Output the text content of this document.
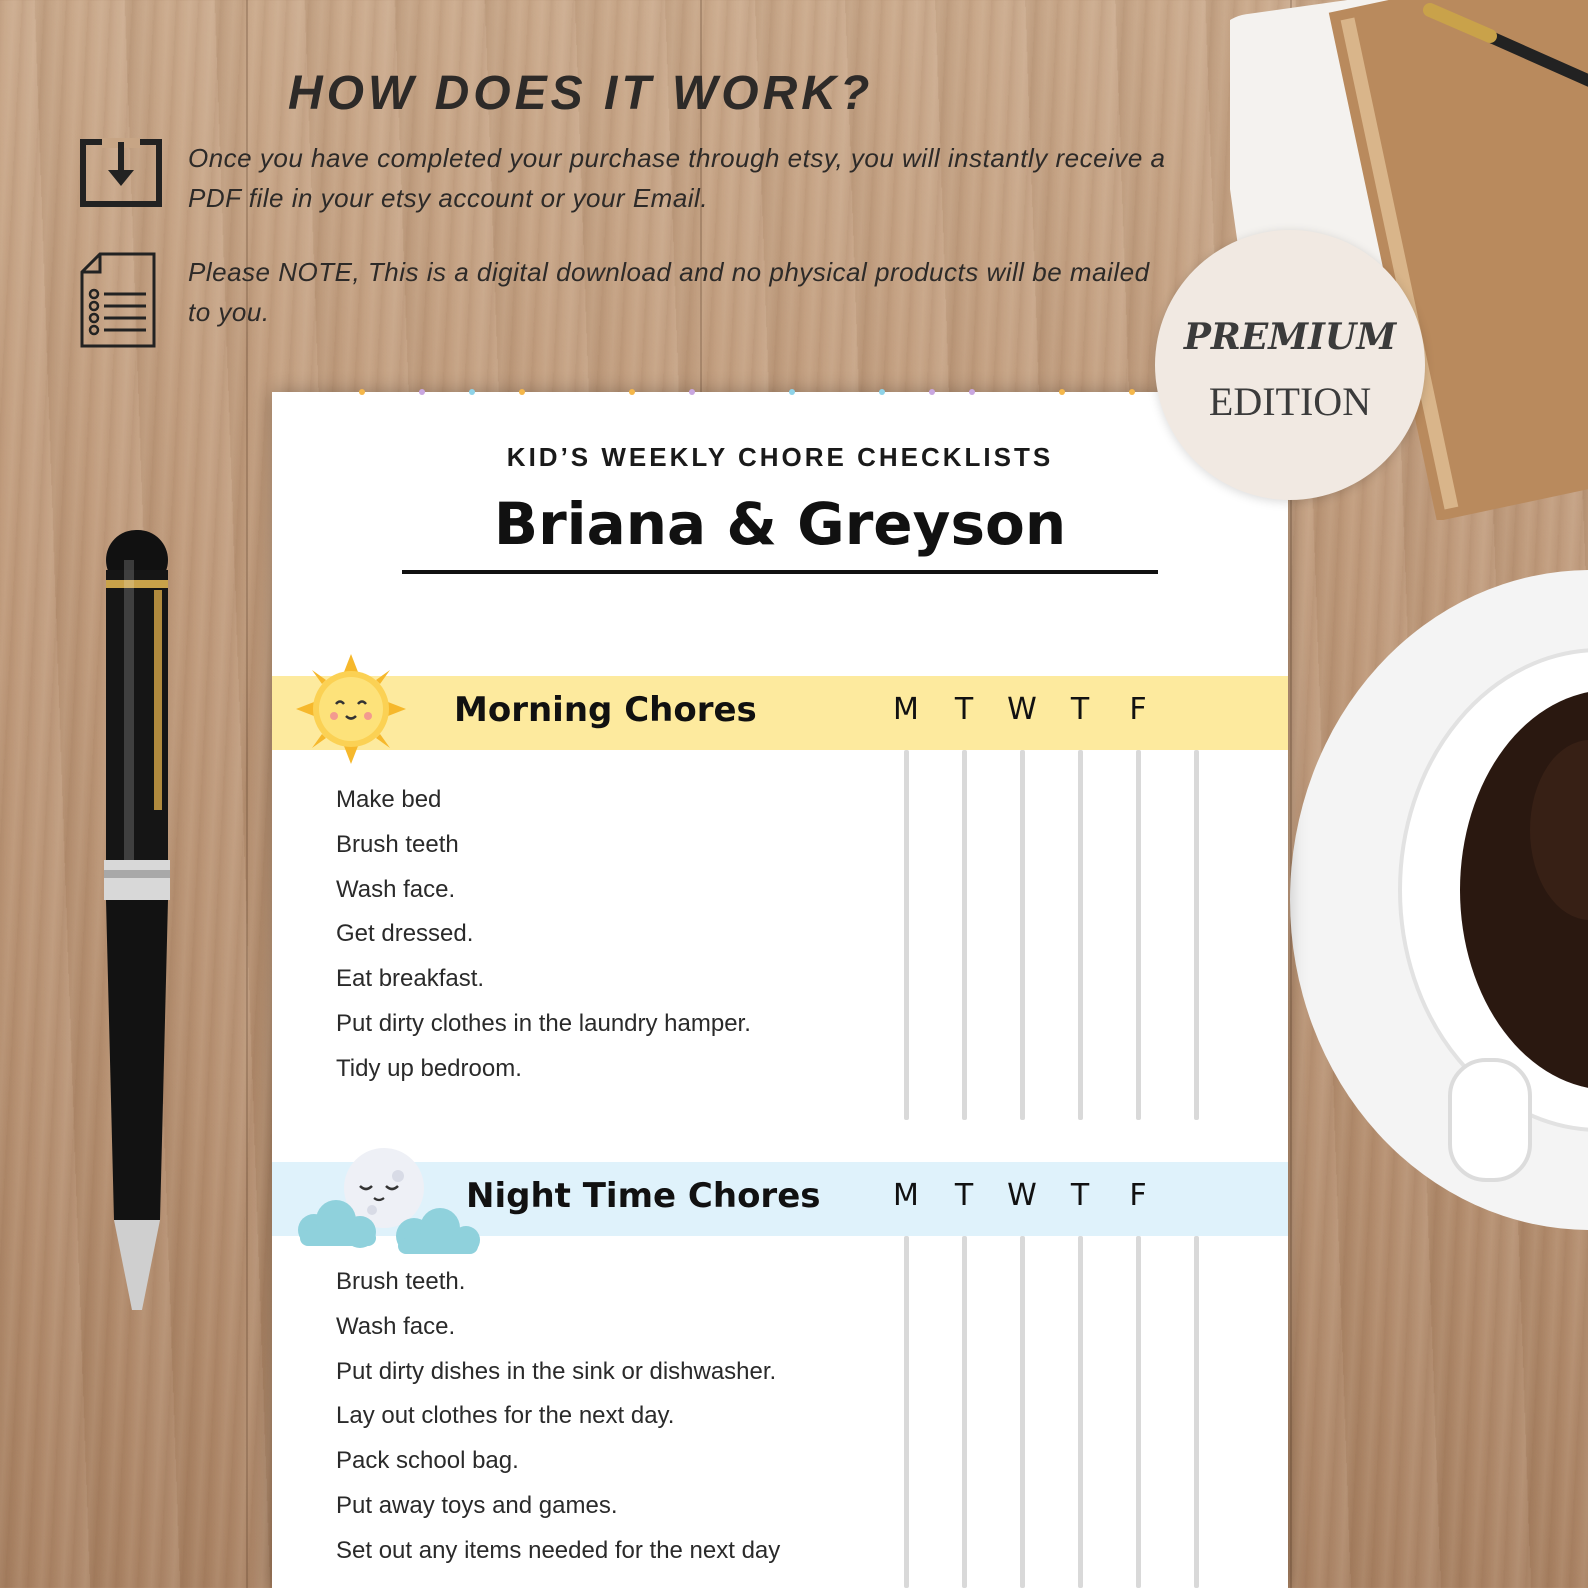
HOW DOES IT WORK?

Once you have completed your purchase through etsy, you will instantly receive a PDF file in your etsy account or your Email.

Please NOTE, This is a digital download and no physical products will be mailed to you.

KID’S WEEKLY CHORE CHECKLISTS

Briana & Greyson
Morning Chores	M	T	W	T	F
Make bed
Brush teeth
Wash face.
Get dressed.
Eat breakfast.
Put dirty clothes in the laundry hamper.
Tidy up bedroom.
Night Time Chores M	T	W	T	F
Brush teeth.
Wash face.
Put dirty dishes in the sink or dishwasher.
Lay out clothes for the next day.
Pack school bag.
Put away toys and games.
Set out any items needed for the next day

PREMIUM

EDITION
